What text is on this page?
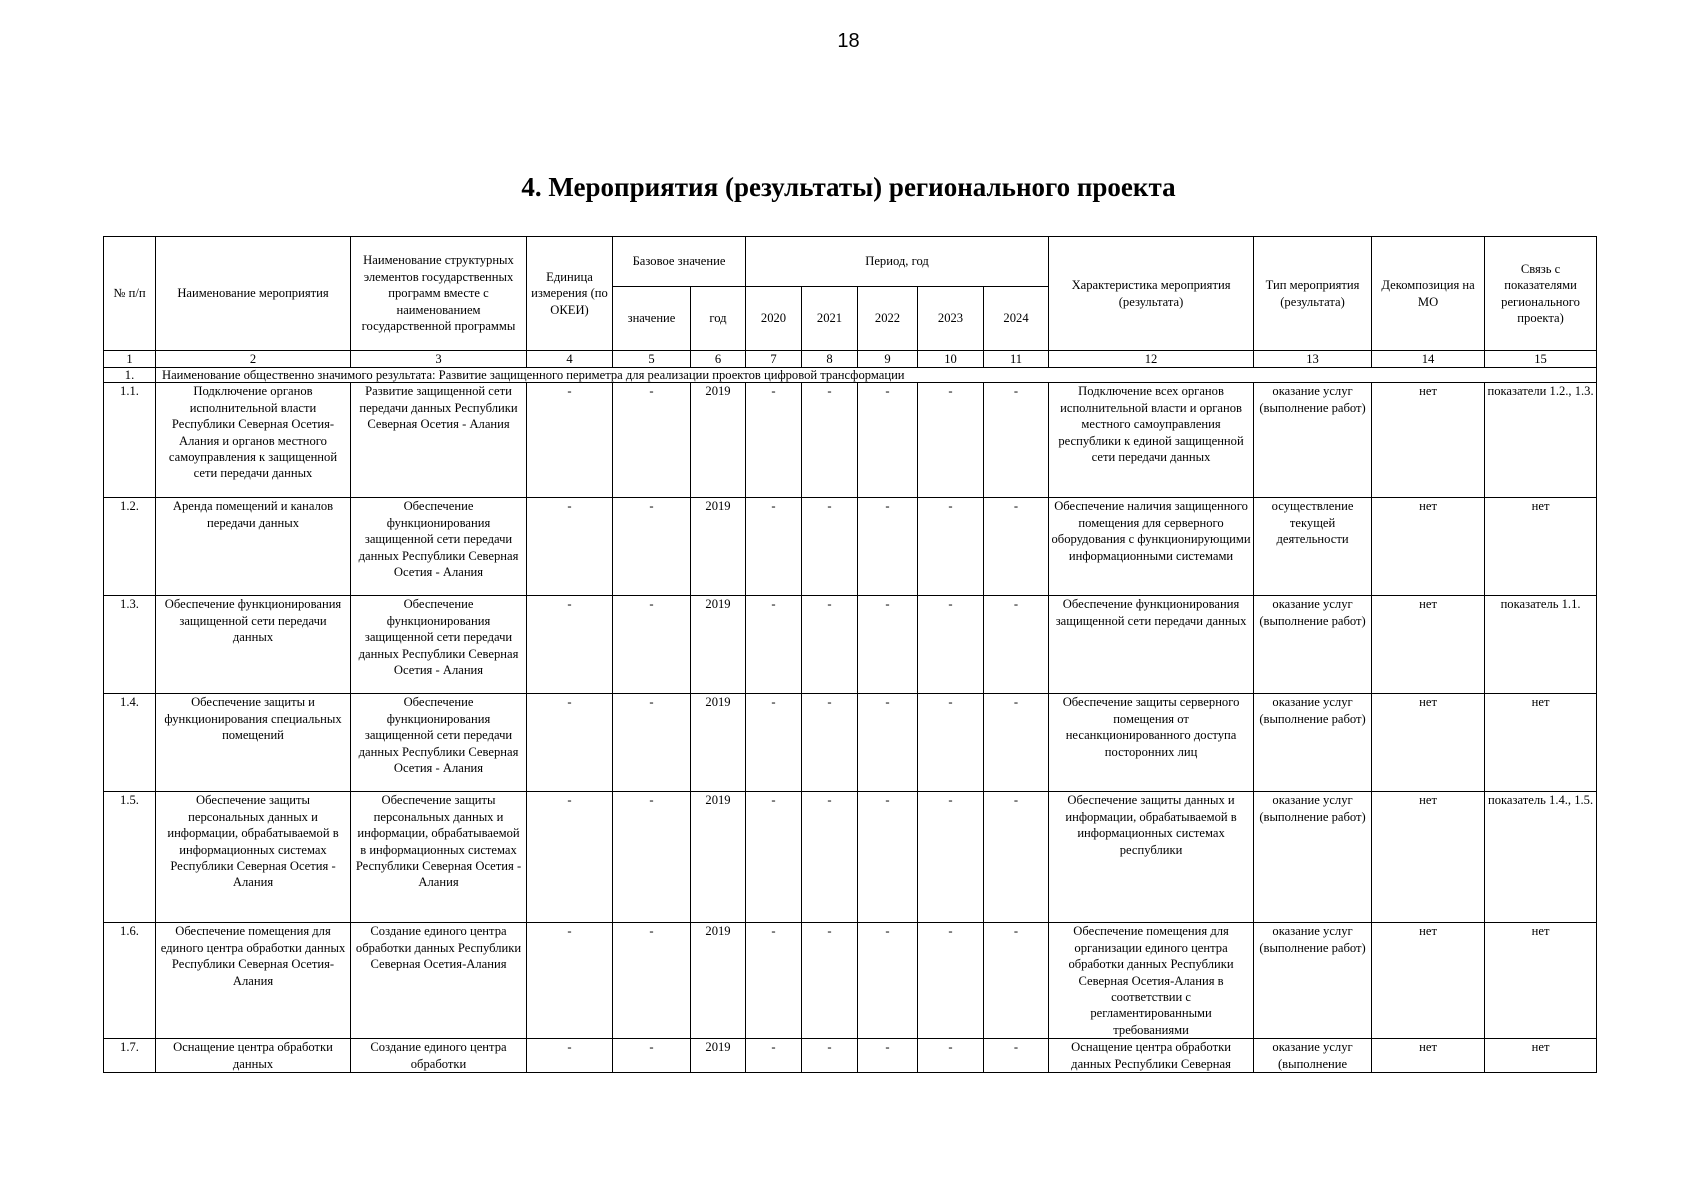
18
4. Мероприятия (результаты) регионального проекта
№ п/п	Наименование мероприятия	Наименование структурных элементов государственных программ вместе с наименованием государственной программы	Единица измерения (по ОКЕИ)	Базовое значение		Период, год					Характеристика мероприятия (результата)	Тип мероприятия (результата)	Декомпозиция на МО	Связь с показателями регионального проекта)
				значение	год	2020	2021	2022	2023	2024				
1	2	3	4	5	6	7	8	9	10	11	12	13	14	15
1.	Наименование общественно значимого результата: Развитие защищенного периметра для реализации проектов цифровой трансформации													
1.1.	Подключение органов исполнительной власти Республики Северная Осетия-Алания и органов местного самоуправления к защищенной сети передачи данных	Развитие защищенной сети передачи данных Республики Северная Осетия - Алания	-	-	2019	-	-	-	-	-	Подключение всех органов исполнительной власти и органов местного самоуправления республики к единой защищенной сети передачи данных	оказание услуг (выполнение работ)	нет	показатели 1.2., 1.3.
1.2.	Аренда помещений и каналов передачи данных	Обеспечение функционирования защищенной сети передачи данных Республики Северная Осетия - Алания	-	-	2019	-	-	-	-	-	Обеспечение наличия защищенного помещения для серверного оборудования с функционирующими информационными системами	осуществление текущей деятельности	нет	нет
1.3.	Обеспечение функционирования защищенной сети передачи данных	Обеспечение функционирования защищенной сети передачи данных Республики Северная Осетия - Алания	-	-	2019	-	-	-	-	-	Обеспечение функционирования защищенной сети передачи данных	оказание услуг (выполнение работ)	нет	показатель 1.1.
1.4.	Обеспечение защиты и функционирования специальных помещений	Обеспечение функционирования защищенной сети передачи данных Республики Северная Осетия - Алания	-	-	2019	-	-	-	-	-	Обеспечение защиты серверного помещения от несанкционированного доступа посторонних лиц	оказание услуг (выполнение работ)	нет	нет
1.5.	Обеспечение защиты персональных данных и информации, обрабатываемой в информационных системах Республики Северная Осетия - Алания	Обеспечение защиты персональных данных и информации, обрабатываемой в информационных системах Республики Северная Осетия - Алания	-	-	2019	-	-	-	-	-	Обеспечение защиты данных и информации, обрабатываемой в информационных системах республики	оказание услуг (выполнение работ)	нет	показатель 1.4., 1.5.
1.6.	Обеспечение помещения для единого центра обработки данных Республики Северная Осетия-Алания	Создание единого центра обработки данных Республики Северная Осетия-Алания	-	-	2019	-	-	-	-	-	Обеспечение помещения для организации единого центра обработки данных Республики Северная Осетия-Алания в соответствии с регламентированными требованиями	оказание услуг (выполнение работ)	нет	нет
1.7.	Оснащение центра обработки данных	Создание единого центра обработки	-	-	2019	-	-	-	-	-	Оснащение центра обработки данных Республики Северная	оказание услуг (выполнение	нет	нет
